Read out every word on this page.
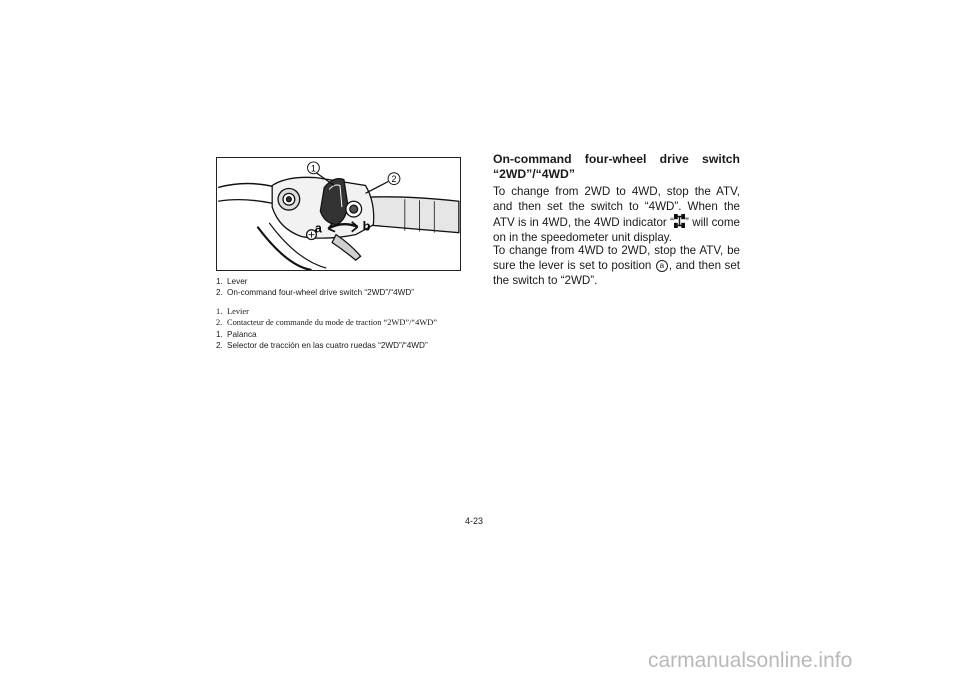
1
2
a	b
1. Lever
2. On-command four-wheel drive switch “2WD”/“4WD”
1. Levier
2. Contacteur de commande du mode de traction “2WD”/“4WD”
1. Palanca
2. Selector de tracción en las cuatro ruedas “2WD”/“4WD”
On-command four-wheel drive switch
“2WD”/“4WD”

To change from 2WD to 4WD, stop the ATV, and then set the switch to “4WD”. When the ATV is in 4WD, the 4WD indicator “ ” will come on in the speedometer unit display.

To change from 4WD to 2WD, stop the ATV, be sure the lever is set to position a , and then set the switch to “2WD”.

4-23
carmanualsonline.info
